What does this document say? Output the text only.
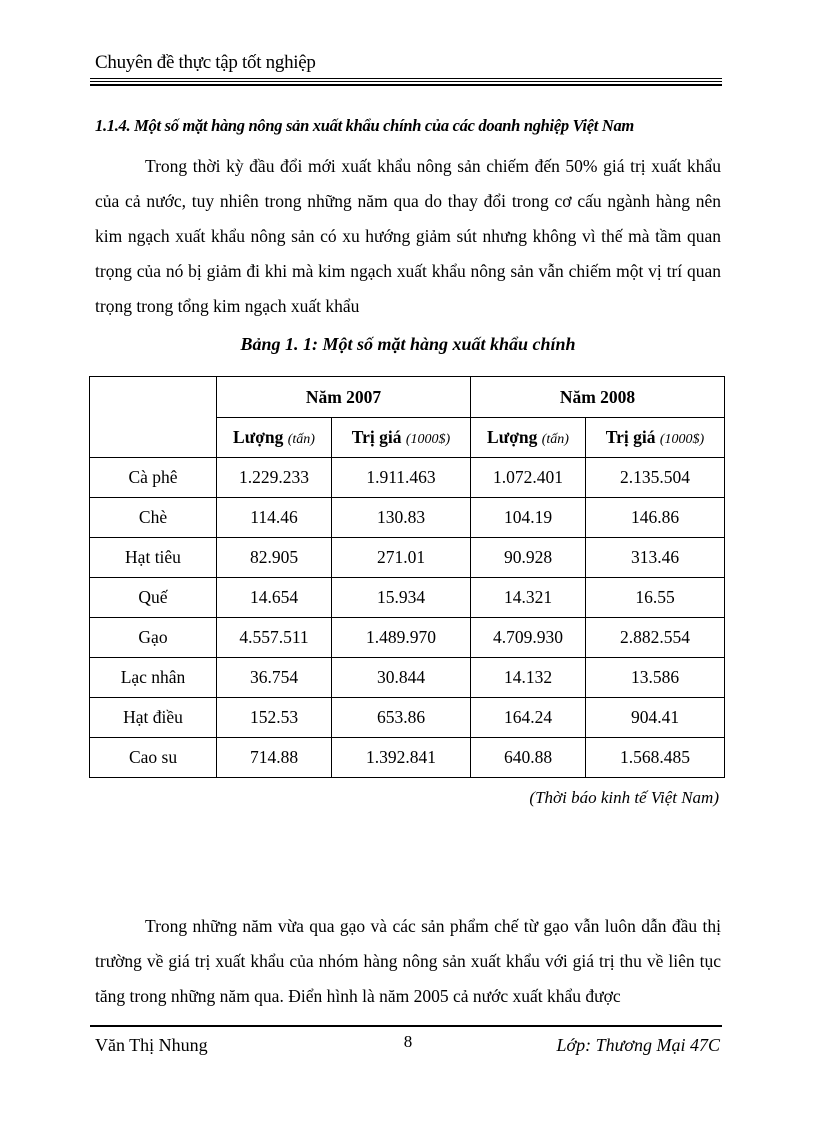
Chuyên đề thực tập tốt nghiệp
1.1.4. Một số mặt hàng nông sản xuất khẩu chính của các doanh nghiệp Việt Nam

Trong thời kỳ đầu đổi mới xuất khẩu nông sản chiếm đến 50% giá trị xuất khẩu của cả nước, tuy nhiên trong những năm qua do thay đổi trong cơ cấu ngành hàng nên kim ngạch xuất khẩu nông sản có xu hướng giảm sút nhưng không vì thế mà tầm quan trọng của nó bị giảm đi khi mà kim ngạch xuất khẩu nông sản vẫn chiếm một vị trí quan trọng trong tổng kim ngạch xuất khẩu

Bảng 1. 1: Một số mặt hàng xuất khẩu chính
	Năm 2007		Năm 2008	
	Lượng (tấn)	Trị giá (1000$)	Lượng (tấn)	Trị giá (1000$)
Cà phê	1.229.233	1.911.463	1.072.401	2.135.504
Chè	114.46	130.83	104.19	146.86
Hạt tiêu	82.905	271.01	90.928	313.46
Quế	14.654	15.934	14.321	16.55
Gạo	4.557.511	1.489.970	4.709.930	2.882.554
Lạc nhân	36.754	30.844	14.132	13.586
Hạt điều	152.53	653.86	164.24	904.41
Cao su	714.88	1.392.841	640.88	1.568.485
(Thời báo kinh tế Việt Nam)

Trong những năm vừa qua gạo và các sản phẩm chế từ gạo vẫn luôn dẫn đầu thị trường về giá trị xuất khẩu của nhóm hàng nông sản xuất khẩu với giá trị thu về liên tục tăng trong những năm qua. Điển hình là năm 2005 cả nước xuất khẩu được

Văn Thị Nhung	8	Lớp: Thương Mại 47C
